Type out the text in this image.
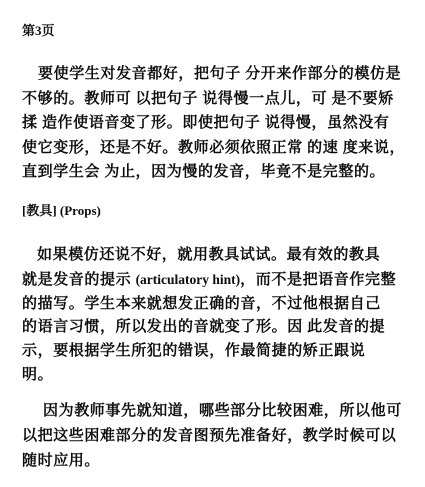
第3页
要使学生对发音都好，把句子 分开来作部分的模仿是
不够的。教师可 以把句子 说得慢一点儿，可 是不要矫
揉 造作使语音变了形。即使把句子 说得慢，虽然没有
使它变形，还是不好。教师必须依照正常 的速 度来说，
直到学生会 为止，因为慢的发音，毕竟不是完整的。
[教具] (Props)
如果模仿还说不好，就用教具试试。最有效的教具
就是发音的提示 (articulatory hint)，而不是把语音作完整
的描写。学生本来就想发正确的音，不过他根据自己
的语言习惯，所以发出的音就变了形。因 此发音的提
示，要根据学生所犯的错误，作最简捷的矫正跟说
明。
因为教师事先就知道，哪些部分比较困难，所以他可
以把这些困难部分的发音图预先准备好，教学时候可以
随时应用。
